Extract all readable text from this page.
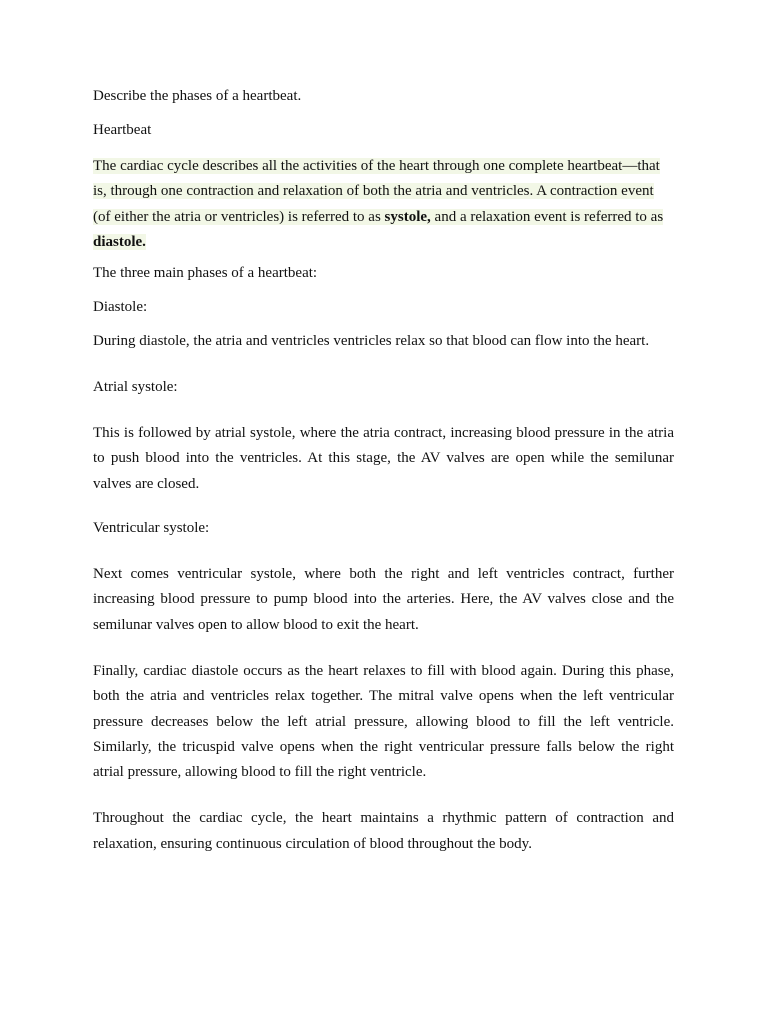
Describe the phases of a heartbeat.

Heartbeat

The cardiac cycle describes all the activities of the heart through one complete heartbeat—that is, through one contraction and relaxation of both the atria and ventricles. A contraction event (of either the atria or ventricles) is referred to as systole, and a relaxation event is referred to as diastole.

The three main phases of a heartbeat:

Diastole:

During diastole, the atria and ventricles ventricles relax so that blood can flow into the heart.

Atrial systole:

This is followed by atrial systole, where the atria contract, increasing blood pressure in the atria to push blood into the ventricles. At this stage, the AV valves are open while the semilunar valves are closed.

Ventricular systole:

Next comes ventricular systole, where both the right and left ventricles contract, further increasing blood pressure to pump blood into the arteries. Here, the AV valves close and the semilunar valves open to allow blood to exit the heart.

Finally, cardiac diastole occurs as the heart relaxes to fill with blood again. During this phase, both the atria and ventricles relax together. The mitral valve opens when the left ventricular pressure decreases below the left atrial pressure, allowing blood to fill the left ventricle. Similarly, the tricuspid valve opens when the right ventricular pressure falls below the right atrial pressure, allowing blood to fill the right ventricle.

Throughout the cardiac cycle, the heart maintains a rhythmic pattern of contraction and relaxation, ensuring continuous circulation of blood throughout the body.
